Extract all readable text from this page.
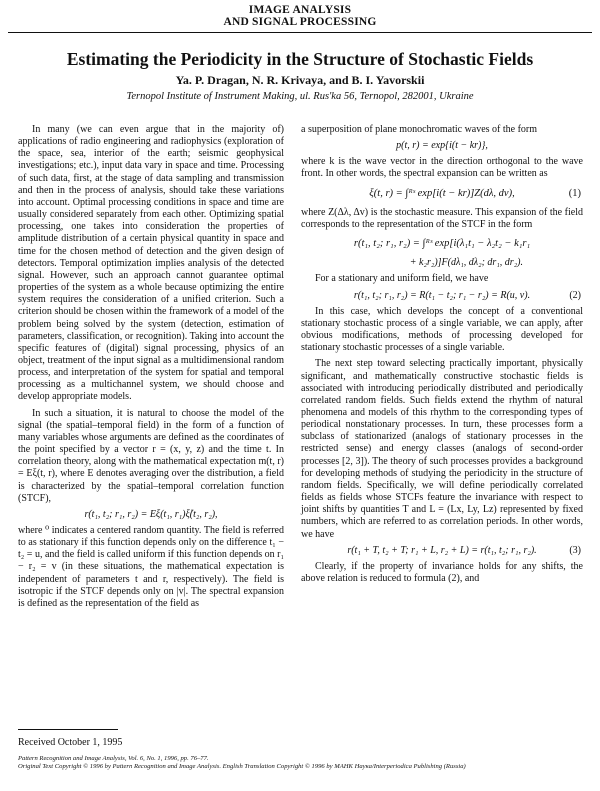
IMAGE ANALYSIS
AND SIGNAL PROCESSING
Estimating the Periodicity in the Structure of Stochastic Fields
Ya. P. Dragan, N. R. Krivaya, and B. I. Yavorskii
Ternopol Institute of Instrument Making, ul. Rus'ka 56, Ternopol, 282001, Ukraine

In many (we can even argue that in the majority of) applications of radio engineering and radiophysics (exploration of the space, sea, interior of the earth; seismic geophysical investigations; etc.), input data vary in space and time. Processing of such data, first, at the stage of data sampling and transmission and then in the process of analysis, should take these variations into account. Optimal processing conditions in space and time are usually considered separately from each other. Optimizing spatial processing, one takes into consideration the properties of amplitude distribution of a certain physical quantity in space and time for the chosen method of detection and the given design of detectors. Temporal optimization implies analysis of the detected signal. However, such an approach cannot guarantee optimal properties of the system as a whole because optimizing the entire system requires the consideration of a unified criterion. Such a criterion should be chosen within the framework of a model of the problem being solved by the system (detection, estimation of parameters, classification, or recognition). Taking into account the specific features of (digital) signal processing, physics of an object, treatment of the input signal as a multidimensional random process, and interpretation of the system for spatial and temporal processing as a multichannel system, we should choose and develop appropriate models.

In such a situation, it is natural to choose the model of the signal (the spatial–temporal field) in the form of a function of many variables whose arguments are defined as the coordinates of the point specified by a vector r = (x, y, z) and the time t. In correlation theory, along with the mathematical expectation m(t, r) = Eξ(t, r), where E denotes averaging over the distribution, a field is characterized by the spatial–temporal correlation function (STCF),

r(t₁, t₂; r₁, r₂) = Eξ(t₁, r₁)ξ̊(t₂, r₂),

where ⁰ indicates a centered random quantity. The field is referred to as stationary if this function depends only on the difference t₁ − t₂ = u, and the field is called uniform if this function depends on r₁ − r₂ = v (in these situations, the mathematical expectation is independent of parameters t and r, respectively). The field is isotropic if the STCF depends only on |v|. The spectral expansion is defined as the representation of the field as

a superposition of plane monochromatic waves of the form

p(t, r) = exp{i(t − kr)},

where k is the wave vector in the direction orthogonal to the wave front. In other words, the spectral expansion can be written as

ξ(t, r) = ∫ᴿˢ exp[i(t − kr)]Z(dλ, dv),	(1)

where Z(Δλ, Δv) is the stochastic measure. This expansion of the field corresponds to the representation of the STCF in the form

r(t₁, t₂; r₁, r₂) = ∫ᴿˢ exp[i(λ₁t₁ − λ₂t₂ − k₁r₁
+ k₂r₂)]F(dλ₁, dλ₂; dr₁, dr₂).

For a stationary and uniform field, we have

r(t₁, t₂; r₁, r₂) = R(t₁ − t₂; r₁ − r₂) = R(u, v).	(2)

In this case, which develops the concept of a conventional stationary stochastic process of a single variable, we can apply, after obvious modifications, methods of processing developed for stationary stochastic processes of a single variable.

The next step toward selecting practically important, physically significant, and mathematically constructive stochastic fields is associated with introducing periodically distributed and periodically correlated random fields. Such fields extend the rhythm of natural phenomena and models of this rhythm to the corresponding types of periodical nonstationary processes. In turn, these processes form a subclass of stationarized (analogs of stationary processes in the restricted sense) and energy classes (analogs of second-order processes [2, 3]). The theory of such processes provides a background for developing methods of studying the periodicity in the structure of random fields. Specifically, we will define periodically correlated fields as fields whose STCFs feature the invariance with respect to joint shifts by quantities T and L = (Lx, Ly, Lz) represented by fixed numbers, which are referred to as correlation periods. In other words, we have

r(t₁ + T, t₂ + T; r₁ + L, r₂ + L) = r(t₁, t₂; r₁, r₂).	(3)

Clearly, if the property of invariance holds for any shifts, the above relation is reduced to formula (2), and

Received October 1, 1995
Pattern Recognition and Image Analysis, Vol. 6, No. 1, 1996, pp. 76–77.
Original Text Copyright © 1996 by Pattern Recognition and Image Analysis. English Translation Copyright © 1996 by MAHK Hayкa/Interperiodica Publishing (Russia)
